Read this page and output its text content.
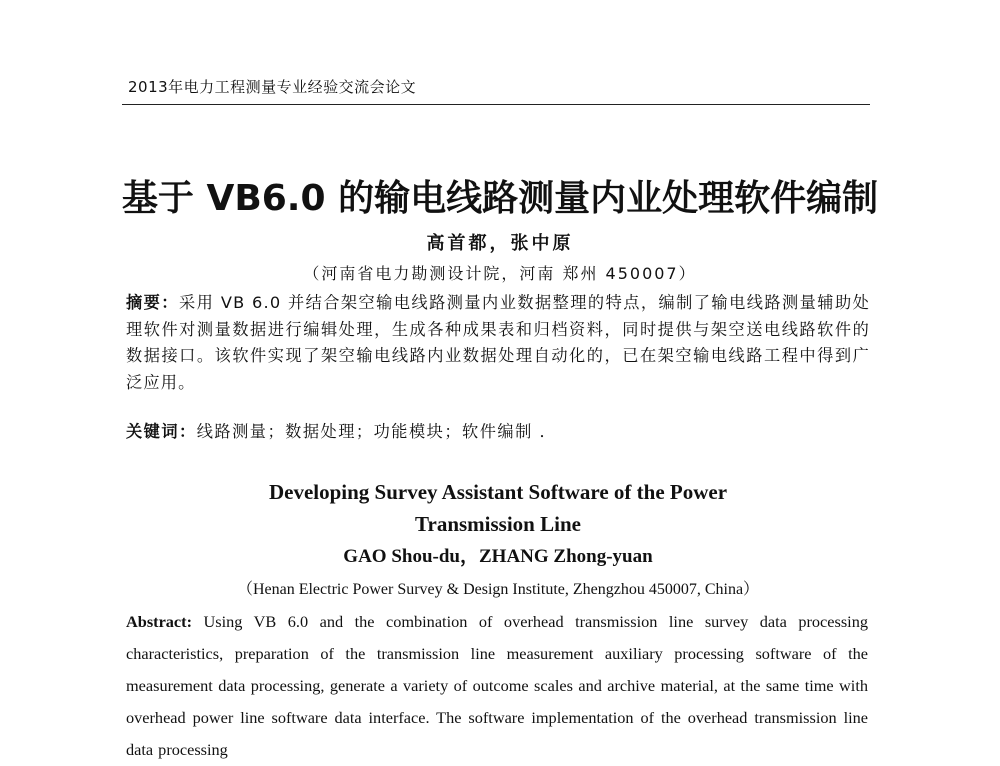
2013年电力工程测量专业经验交流会论文
基于 VB6.0 的输电线路测量内业处理软件编制
高首都，张中原
（河南省电力勘测设计院，河南 郑州 450007）
摘要：采用 VB 6.0 并结合架空输电线路测量内业数据整理的特点，编制了输电线路测量辅助处理软件对测量数据进行编辑处理，生成各种成果表和归档资料，同时提供与架空送电线路软件的数据接口。该软件实现了架空输电线路内业数据处理自动化的，已在架空输电线路工程中得到广泛应用。
关键词：线路测量；数据处理；功能模块；软件编制 ．
Developing Survey Assistant Software of the Power
Transmission Line
GAO Shou-du，ZHANG Zhong-yuan
（Henan Electric Power Survey & Design Institute, Zhengzhou 450007, China）
Abstract: Using VB 6.0 and the combination of overhead transmission line survey data processing characteristics, preparation of the transmission line measurement auxiliary processing software of the measurement data processing, generate a variety of outcome scales and archive material, at the same time with overhead power line software data interface. The software implementation of the overhead transmission line data processing
